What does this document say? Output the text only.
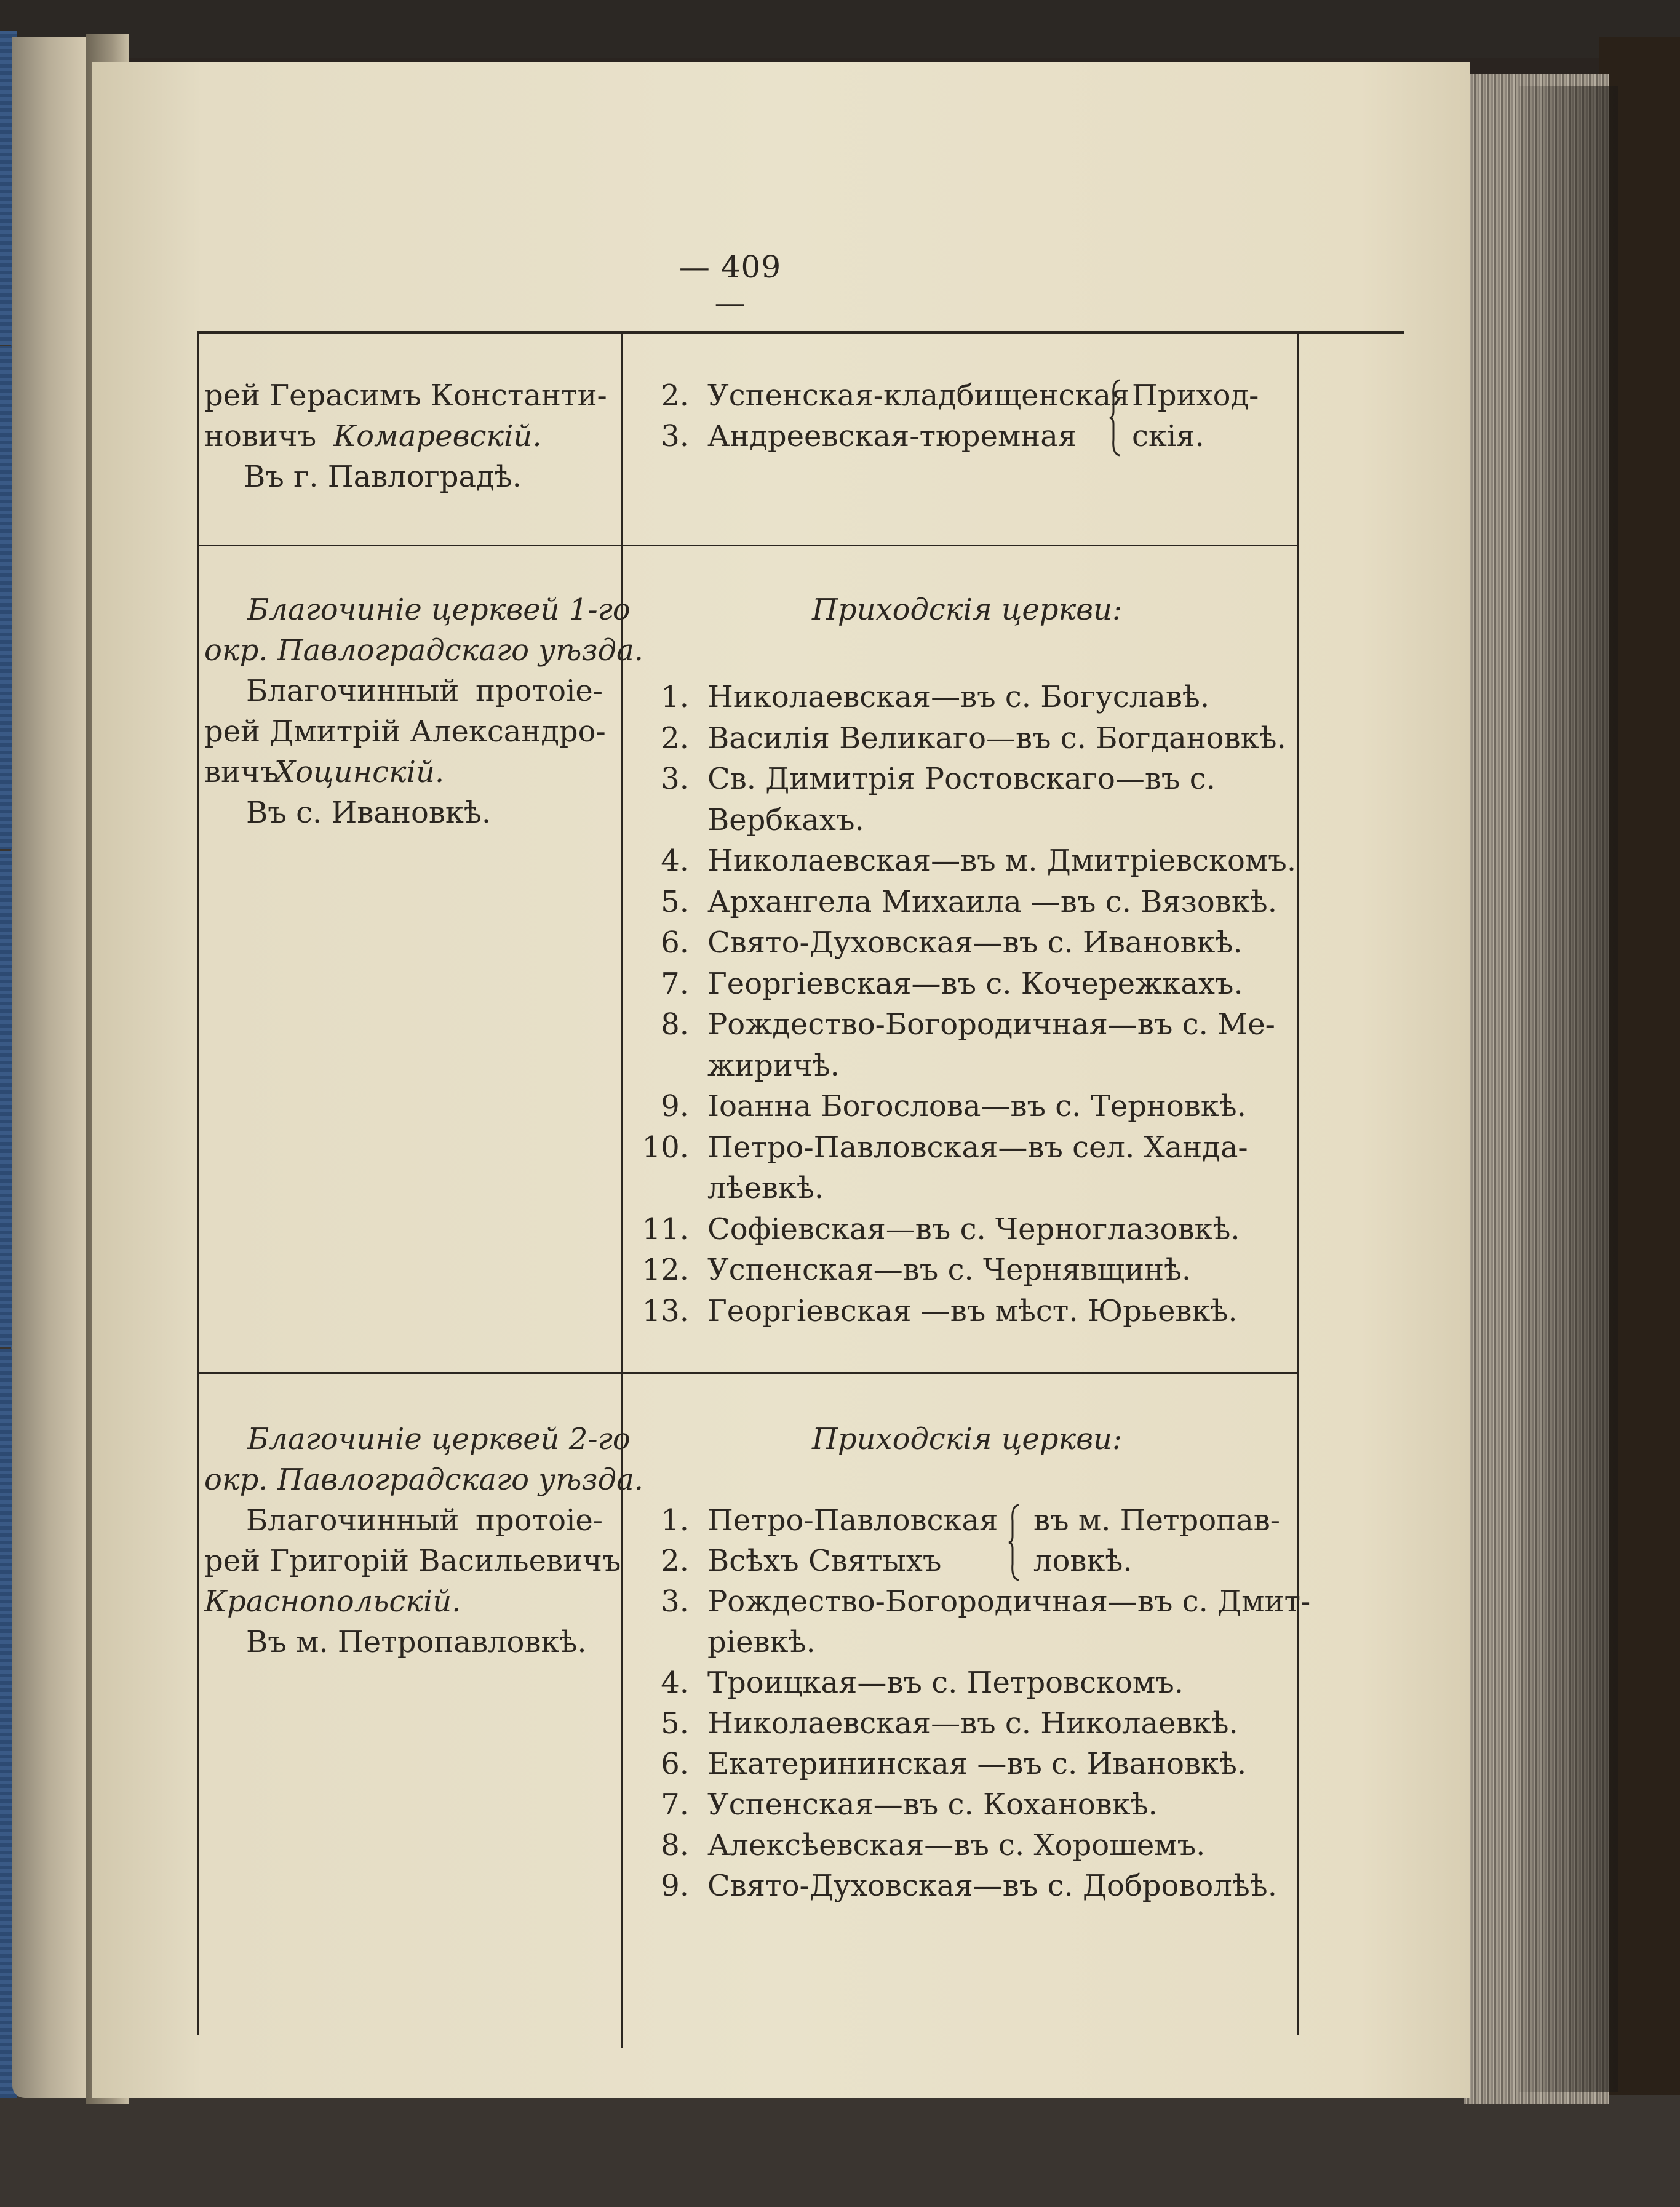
— 409 —
рей Герасимъ Константи-
новичъ Комаревскій.
Въ г. Павлоградѣ.
2. Успенская-кладбищенская
3. Андреевская-тюремная
Приход-
скія.
Благочиніе церквей 1-го
окр. Павлоградскаго уѣзда.
Благочинный протоіе-
рей Дмитрій Александро-
вичъ
Хоцинскій.
Въ с. Ивановкѣ.
Приходскія церкви:
1. Николаевская—въ с. Богуславѣ.
2. Василія Великаго—въ с. Богдановкѣ.
3. Св. Димитрія Ростовскаго—въ с.
Вербкахъ.
4. Николаевская—въ м. Дмитріевскомъ.
5. Архангела Михаила —въ с. Вязовкѣ.
6. Свято-Духовская—въ с. Ивановкѣ.
7. Георгіевская—въ с. Кочережкахъ.
8. Рождество-Богородичная—въ с. Ме-
жиричѣ.
9. Іоанна Богослова—въ с. Терновкѣ.
10. Петро-Павловская—въ сел. Ханда-
лѣевкѣ.
11. Софіевская—въ с. Черноглазовкѣ.
12. Успенская—въ с. Чернявщинѣ.
13. Георгіевская —въ мѣст. Юрьевкѣ.
Благочиніе церквей 2-го
окр. Павлоградскаго уѣзда.
Благочинный протоіе-
рей Григорій Васильевичъ
Краснопольскій.
Въ м. Петропавловкѣ.
Приходскія церкви:
1. Петро-Павловская
2. Всѣхъ Святыхъ
въ м. Петропав-
ловкѣ.
3. Рождество-Богородичная—въ с. Дмит-
ріевкѣ.
4. Троицкая—въ с. Петровскомъ.
5. Николаевская—въ с. Николаевкѣ.
6. Екатерининская —въ с. Ивановкѣ.
7. Успенская—въ с. Кохановкѣ.
8. Алексѣевская—въ с. Хорошемъ.
9. Свято-Духовская—въ с. Доброволѣѣ.
